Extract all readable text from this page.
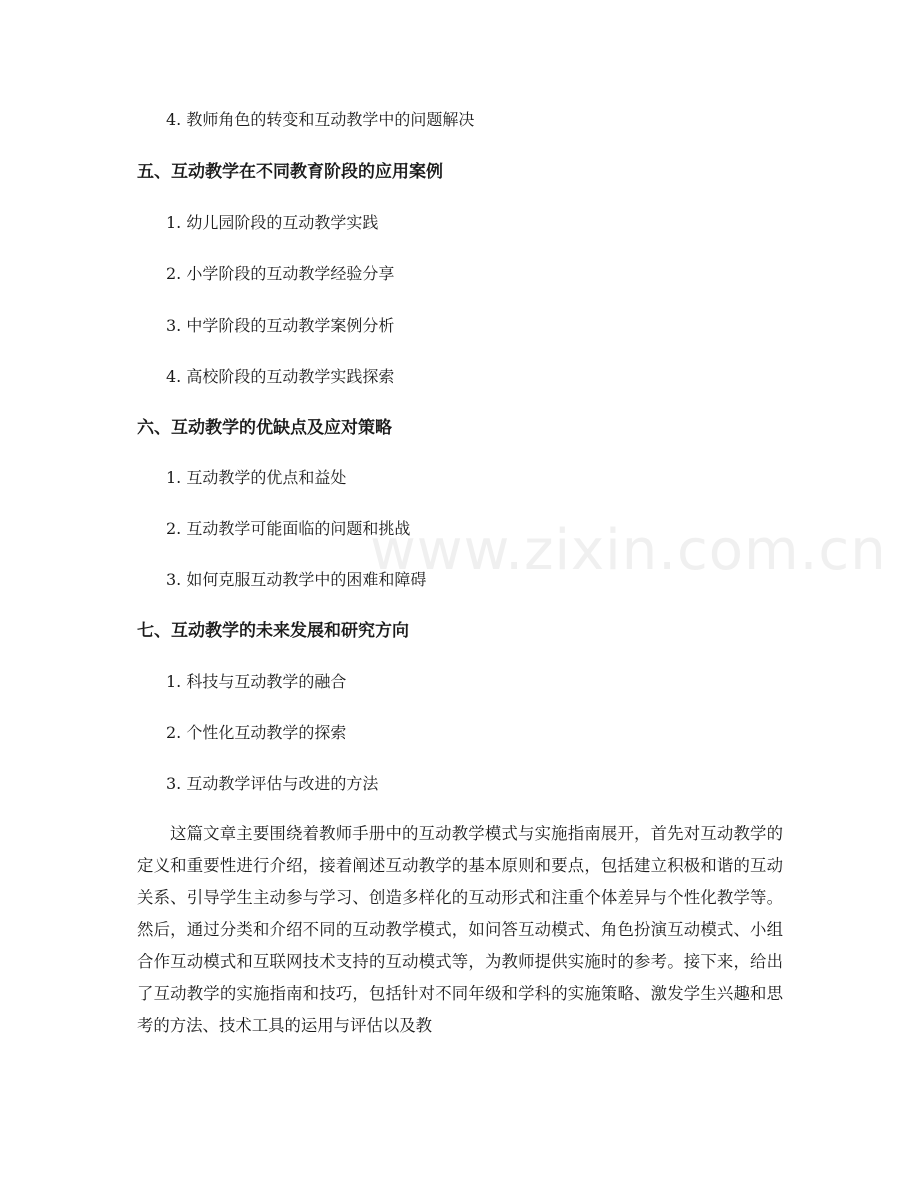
www.zixin.com.cn
4. 教师角色的转变和互动教学中的问题解决
五、互动教学在不同教育阶段的应用案例
1. 幼儿园阶段的互动教学实践
2. 小学阶段的互动教学经验分享
3. 中学阶段的互动教学案例分析
4. 高校阶段的互动教学实践探索
六、互动教学的优缺点及应对策略
1. 互动教学的优点和益处
2. 互动教学可能面临的问题和挑战
3. 如何克服互动教学中的困难和障碍
七、互动教学的未来发展和研究方向
1. 科技与互动教学的融合
2. 个性化互动教学的探索
3. 互动教学评估与改进的方法
这篇文章主要围绕着教师手册中的互动教学模式与实施指南展开，首先对互动教学的定义和重要性进行介绍，接着阐述互动教学的基本原则和要点，包括建立积极和谐的互动关系、引导学生主动参与学习、创造多样化的互动形式和注重个体差异与个性化教学等。然后，通过分类和介绍不同的互动教学模式，如问答互动模式、角色扮演互动模式、小组合作互动模式和互联网技术支持的互动模式等，为教师提供实施时的参考。接下来，给出了互动教学的实施指南和技巧，包括针对不同年级和学科的实施策略、激发学生兴趣和思考的方法、技术工具的运用与评估以及教
